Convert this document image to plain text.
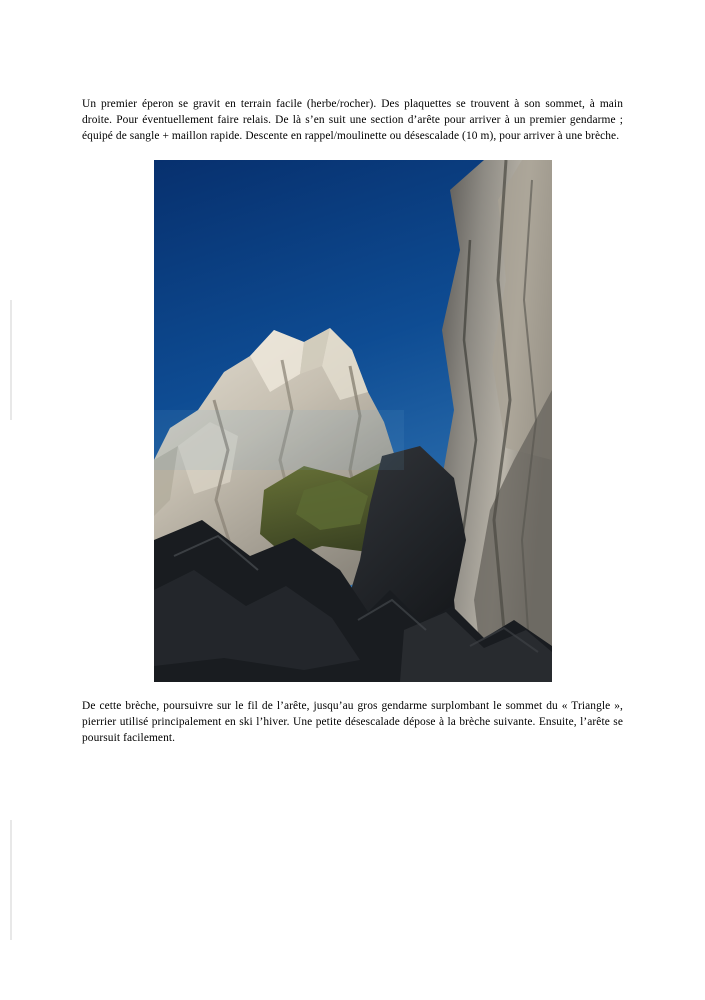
Un premier éperon se gravit en terrain facile (herbe/rocher). Des plaquettes se trouvent à son sommet, à main droite. Pour éventuellement faire relais. De là s’en suit une section d’arête pour arriver à un premier gendarme ; équipé de sangle + maillon rapide. Descente en rappel/moulinette ou désescalade (10 m), pour arriver à une brèche.

De cette brèche, poursuivre sur le fil de l’arête, jusqu’au gros gendarme surplombant le sommet du « Triangle », pierrier utilisé principalement en ski l’hiver. Une petite désescalade dépose à la brèche suivante. Ensuite, l’arête se poursuit facilement.
